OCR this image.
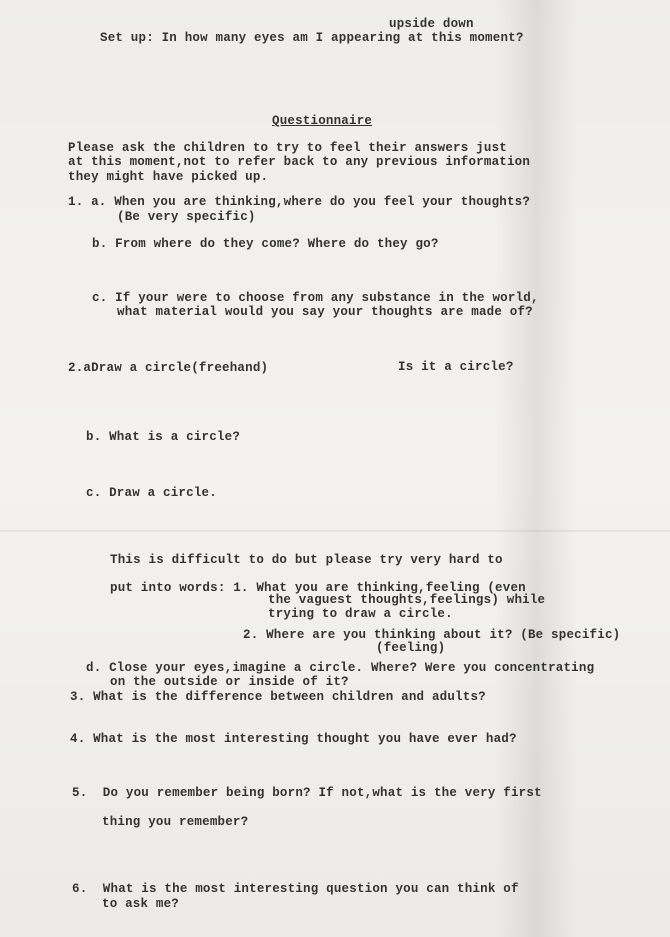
upside down
Set up: In how many eyes am I appearing at this moment?
Questionnaire
Please ask the children to try to feel their answers just
at this moment,not to refer back to any previous information
they might have picked up.
1. a. When you are thinking,where do you feel your thoughts?
(Be very specific)
b. From where do they come? Where do they go?
c. If your were to choose from any substance in the world,
what material would you say your thoughts are made of?
2.aDraw a circle(freehand)	Is it a circle?
b. What is a circle?
c. Draw a circle.
This is difficult to do but please try very hard to
put into words: 1. What you are thinking,feeling (even
the vaguest thoughts,feelings) while
trying to draw a circle.
2. Where are you thinking about it? (Be specific)
(feeling)
d. Close your eyes,imagine a circle. Where? Were you concentrating
on the outside or inside of it?
3. What is the difference between children and adults?
4. What is the most interesting thought you have ever had?
5.  Do you remember being born? If not,what is the very first
thing you remember?
6.  What is the most interesting question you can think of
to ask me?
